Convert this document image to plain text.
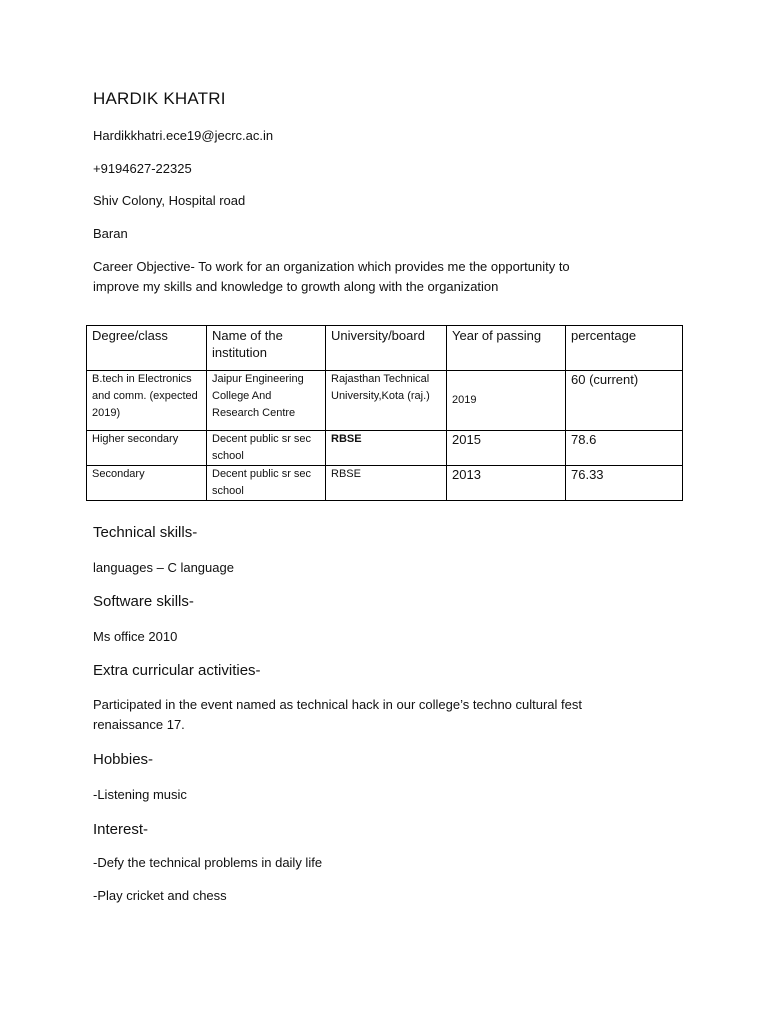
HARDIK KHATRI
Hardikkhatri.ece19@jecrc.ac.in
+9194627-22325
Shiv Colony, Hospital road
Baran
Career Objective- To work for an organization which provides me the opportunity to
improve my skills and knowledge to growth along with the organization
Degree/class	Name of the institution	University/board	Year of passing	percentage
B.tech in Electronics and comm. (expected 2019)	Jaipur Engineering College And Research Centre	Rajasthan Technical University,Kota (raj.)	2019	60 (current)
Higher secondary	Decent public sr sec school	RBSE	2015	78.6
Secondary	Decent public sr sec school	RBSE	2013	76.33
Technical skills-
languages – C language
Software skills-
Ms office 2010
Extra curricular activities-
Participated in the event named as technical hack in our college’s techno cultural fest
renaissance 17.
Hobbies-
-Listening music
Interest-
-Defy the technical problems in daily life
-Play cricket and chess
